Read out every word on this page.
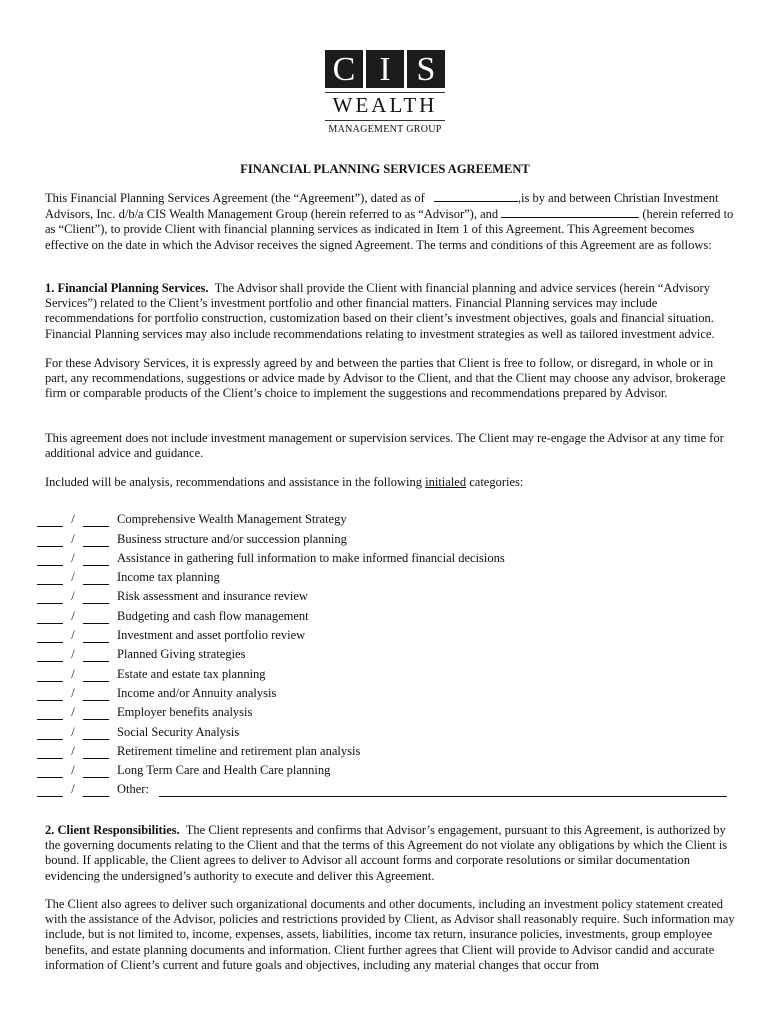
C I S
WEALTH
MANAGEMENT GROUP
FINANCIAL PLANNING SERVICES AGREEMENT
This Financial Planning Services Agreement (the “Agreement”), dated as of	,is by and between Christian Investment Advisors, Inc. d/b/a CIS Wealth Management Group (herein referred to as “Advisor”), and	(herein referred to as “Client”), to provide Client with financial planning services as indicated in Item 1 of this Agreement. This Agreement becomes effective on the date in which the Advisor receives the signed Agreement. The terms and conditions of this Agreement are as follows:
1. Financial Planning Services. The Advisor shall provide the Client with financial planning and advice services (herein “Advisory Services”) related to the Client’s investment portfolio and other financial matters. Financial Planning services may include recommendations for portfolio construction, customization based on their client’s investment objectives, goals and financial situation. Financial Planning services may also include recommendations relating to investment strategies as well as tailored investment advice.
For these Advisory Services, it is expressly agreed by and between the parties that Client is free to follow, or disregard, in whole or in part, any recommendations, suggestions or advice made by Advisor to the Client, and that the Client may choose any advisor, brokerage firm or comparable products of the Client’s choice to implement the suggestions and recommendations prepared by Advisor.
This agreement does not include investment management or supervision services. The Client may re-engage the Advisor at any time for additional advice and guidance.
Included will be analysis, recommendations and assistance in the following initialed categories:
/	Comprehensive Wealth Management Strategy
/	Business structure and/or succession planning
/	Assistance in gathering full information to make informed financial decisions
/	Income tax planning
/	Risk assessment and insurance review
/	Budgeting and cash flow management
/	Investment and asset portfolio review
/	Planned Giving strategies
/	Estate and estate tax planning
/	Income and/or Annuity analysis
/	Employer benefits analysis
/	Social Security Analysis
/	Retirement timeline and retirement plan analysis
/	Long Term Care and Health Care planning
/	Other:
2. Client Responsibilities. The Client represents and confirms that Advisor’s engagement, pursuant to this Agreement, is authorized by the governing documents relating to the Client and that the terms of this Agreement do not violate any obligations by which the Client is bound. If applicable, the Client agrees to deliver to Advisor all account forms and corporate resolutions or similar documentation evidencing the undersigned’s authority to execute and deliver this Agreement.
The Client also agrees to deliver such organizational documents and other documents, including an investment policy statement created with the assistance of the Advisor, policies and restrictions provided by Client, as Advisor shall reasonably require. Such information may include, but is not limited to, income, expenses, assets, liabilities, income tax return, insurance policies, investments, group employee benefits, and estate planning documents and information. Client further agrees that Client will provide to Advisor candid and accurate information of Client’s current and future goals and objectives, including any material changes that occur from
